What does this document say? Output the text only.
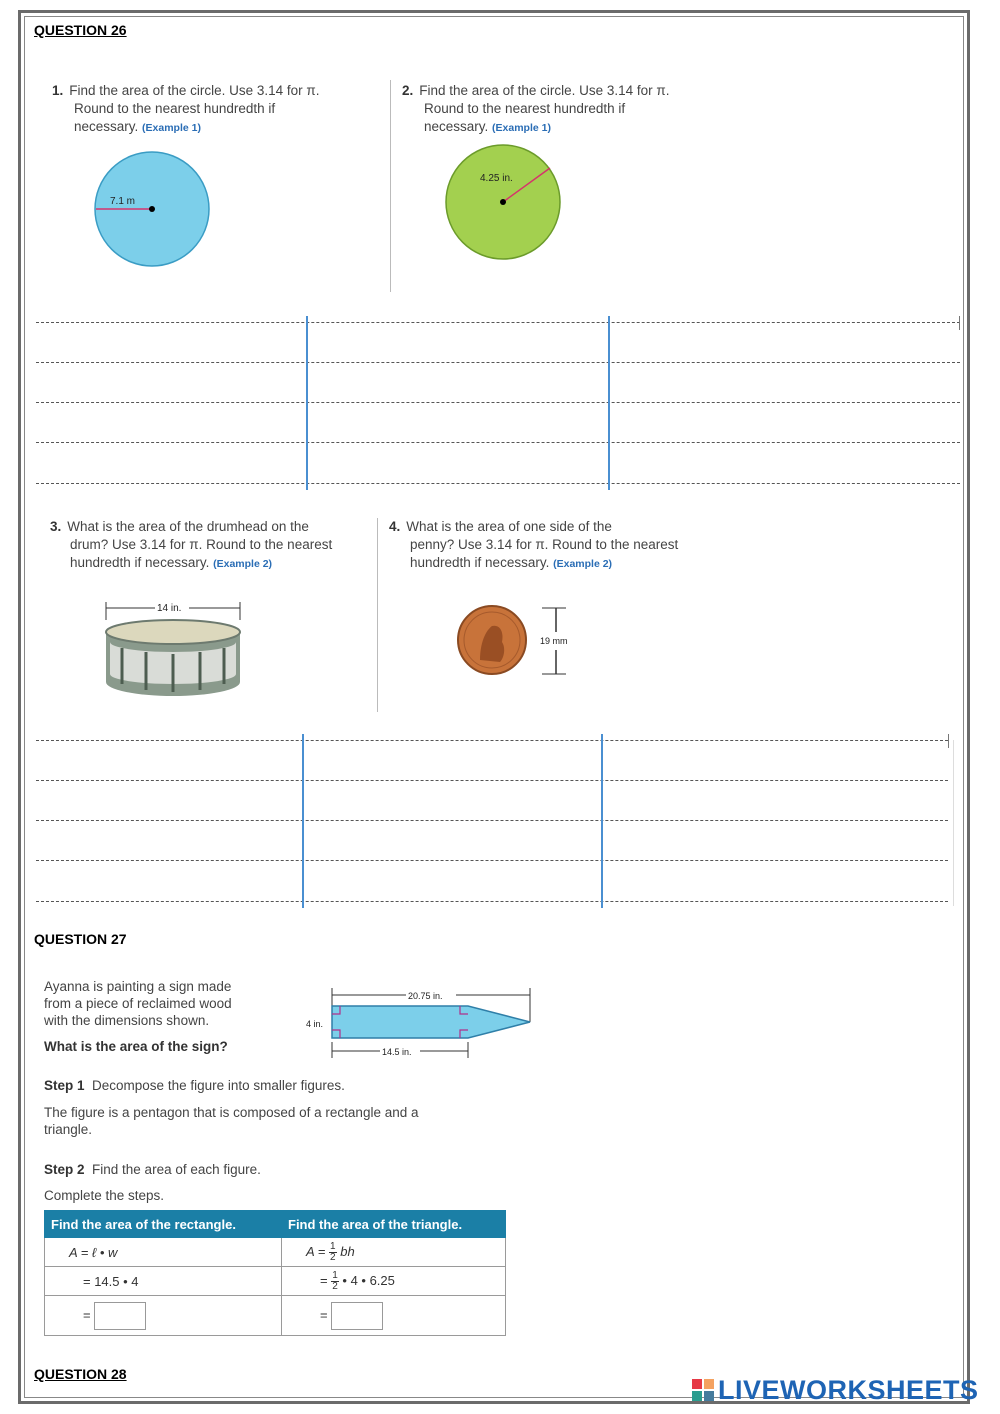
QUESTION 26
1. Find the area of the circle. Use 3.14 for π.
Round to the nearest hundredth if
necessary. (Example 1)
7.1 m
2. Find the area of the circle. Use 3.14 for π.
Round to the nearest hundredth if
necessary. (Example 1)
4.25 in.
3. What is the area of the drumhead on the
drum? Use 3.14 for π. Round to the nearest
hundredth if necessary. (Example 2)
14 in.
4. What is the area of one side of the
penny? Use 3.14 for π. Round to the nearest
hundredth if necessary. (Example 2)
19 mm
QUESTION 27
Ayanna is painting a sign made
from a piece of reclaimed wood
with the dimensions shown.
What is the area of the sign?
20.75 in.
4 in.
14.5 in.
Step 1 Decompose the figure into smaller figures.
The figure is a pentagon that is composed of a rectangle and a
triangle.
Step 2 Find the area of each figure.
Complete the steps.
Find the area of the rectangle.	Find the area of the triangle.
A = ℓ • w	$A = \frac{1}{2}$ bh
= 14.5 • 4	= $\frac{1}{2}$ • 4 • 6.25
=	=
QUESTION 28
LIVEWORKSHEETS
